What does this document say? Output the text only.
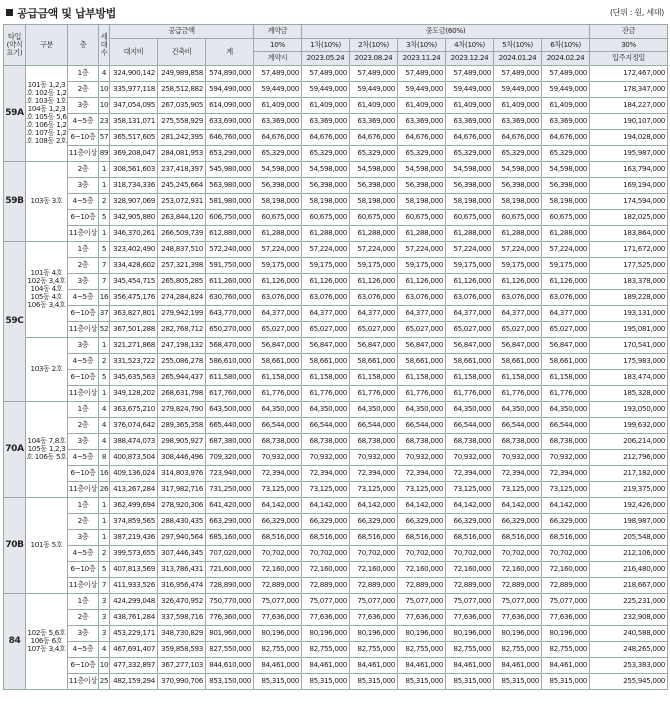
공급금액 및 납부방법	(단위 : 원, 세대)
타입(약식표기)	구분	층	세대수	공급금액			계약금	중도금(60%)						잔금
				대지비	건축비	계	10%	1차(10%)	2차(10%)	3차(10%)	4차(10%)	5차(10%)	6차(10%)	30%
							계약시	2023.05.24	2023.08.24	2023.11.24	2023.12.24	2024.01.24	2024.02.24	입주지정일
59A	101동 1,2,3호 102동 1,2호 103동 1호 104동 1,2,3호 105동 5,6호 106동 1,2호 107동 1,2호 108동 2호	1층	4	324,900,142	249,989,858	574,890,000	57,489,000	57,489,000	57,489,000	57,489,000	57,489,000	57,489,000	57,489,000	172,467,000
		2층	10	335,977,118	258,512,882	594,490,000	59,449,000	59,449,000	59,449,000	59,449,000	59,449,000	59,449,000	59,449,000	178,347,000
		3층	10	347,054,095	267,035,905	614,090,000	61,409,000	61,409,000	61,409,000	61,409,000	61,409,000	61,409,000	61,409,000	184,227,000
		4~5층	23	358,131,071	275,558,929	633,690,000	63,369,000	63,369,000	63,369,000	63,369,000	63,369,000	63,369,000	63,369,000	190,107,000
		6~10층	57	365,517,605	281,242,395	646,760,000	64,676,000	64,676,000	64,676,000	64,676,000	64,676,000	64,676,000	64,676,000	194,028,000
		11층이상	89	369,208,047	284,081,953	653,290,000	65,329,000	65,329,000	65,329,000	65,329,000	65,329,000	65,329,000	65,329,000	195,987,000
59B	103동 3호	2층	1	308,561,603	237,418,397	545,980,000	54,598,000	54,598,000	54,598,000	54,598,000	54,598,000	54,598,000	54,598,000	163,794,000
		3층	1	318,734,336	245,245,664	563,980,000	56,398,000	56,398,000	56,398,000	56,398,000	56,398,000	56,398,000	56,398,000	169,194,000
		4~5층	2	328,907,069	253,072,931	581,980,000	58,198,000	58,198,000	58,198,000	58,198,000	58,198,000	58,198,000	58,198,000	174,594,000
		6~10층	5	342,905,880	263,844,120	606,750,000	60,675,000	60,675,000	60,675,000	60,675,000	60,675,000	60,675,000	60,675,000	182,025,000
		11층이상	1	346,370,261	266,509,739	612,880,000	61,288,000	61,288,000	61,288,000	61,288,000	61,288,000	61,288,000	61,288,000	183,864,000
59C	101동 4호 102동 3,4호 104동 4호 105동 4호 106동 3,4호	1층	5	323,402,490	248,837,510	572,240,000	57,224,000	57,224,000	57,224,000	57,224,000	57,224,000	57,224,000	57,224,000	171,672,000
		2층	7	334,428,602	257,321,398	591,750,000	59,175,000	59,175,000	59,175,000	59,175,000	59,175,000	59,175,000	59,175,000	177,525,000
		3층	7	345,454,715	265,805,285	611,260,000	61,126,000	61,126,000	61,126,000	61,126,000	61,126,000	61,126,000	61,126,000	183,378,000
		4~5층	16	356,475,176	274,284,824	630,760,000	63,076,000	63,076,000	63,076,000	63,076,000	63,076,000	63,076,000	63,076,000	189,228,000
		6~10층	37	363,827,801	279,942,199	643,770,000	64,377,000	64,377,000	64,377,000	64,377,000	64,377,000	64,377,000	64,377,000	193,131,000
		11층이상	52	367,501,288	282,768,712	650,270,000	65,027,000	65,027,000	65,027,000	65,027,000	65,027,000	65,027,000	65,027,000	195,081,000
	103동 2호	3층	1	321,271,868	247,198,132	568,470,000	56,847,000	56,847,000	56,847,000	56,847,000	56,847,000	56,847,000	56,847,000	170,541,000
		4~5층	2	331,523,722	255,086,278	586,610,000	58,661,000	58,661,000	58,661,000	58,661,000	58,661,000	58,661,000	58,661,000	175,983,000
		6~10층	5	345,635,563	265,944,437	611,580,000	61,158,000	61,158,000	61,158,000	61,158,000	61,158,000	61,158,000	61,158,000	183,474,000
		11층이상	1	349,128,202	268,631,798	617,760,000	61,776,000	61,776,000	61,776,000	61,776,000	61,776,000	61,776,000	61,776,000	185,328,000
70A	104동 7,8호 105동 1,2,3호 106동 5호	1층	4	363,675,210	279,824,790	643,500,000	64,350,000	64,350,000	64,350,000	64,350,000	64,350,000	64,350,000	64,350,000	193,050,000
		2층	4	376,074,642	289,365,358	665,440,000	66,544,000	66,544,000	66,544,000	66,544,000	66,544,000	66,544,000	66,544,000	199,632,000
		3층	4	388,474,073	298,905,927	687,380,000	68,738,000	68,738,000	68,738,000	68,738,000	68,738,000	68,738,000	68,738,000	206,214,000
		4~5층	8	400,873,504	308,446,496	709,320,000	70,932,000	70,932,000	70,932,000	70,932,000	70,932,000	70,932,000	70,932,000	212,796,000
		6~10층	16	409,136,024	314,803,976	723,940,000	72,394,000	72,394,000	72,394,000	72,394,000	72,394,000	72,394,000	72,394,000	217,182,000
		11층이상	26	413,267,284	317,982,716	731,250,000	73,125,000	73,125,000	73,125,000	73,125,000	73,125,000	73,125,000	73,125,000	219,375,000
70B	101동 5호	1층	1	362,499,694	278,920,306	641,420,000	64,142,000	64,142,000	64,142,000	64,142,000	64,142,000	64,142,000	64,142,000	192,426,000
		2층	1	374,859,565	288,430,435	663,290,000	66,329,000	66,329,000	66,329,000	66,329,000	66,329,000	66,329,000	66,329,000	198,987,000
		3층	1	387,219,436	297,940,564	685,160,000	68,516,000	68,516,000	68,516,000	68,516,000	68,516,000	68,516,000	68,516,000	205,548,000
		4~5층	2	399,573,655	307,446,345	707,020,000	70,702,000	70,702,000	70,702,000	70,702,000	70,702,000	70,702,000	70,702,000	212,106,000
		6~10층	5	407,813,569	313,786,431	721,600,000	72,160,000	72,160,000	72,160,000	72,160,000	72,160,000	72,160,000	72,160,000	216,480,000
		11층이상	7	411,933,526	316,956,474	728,890,000	72,889,000	72,889,000	72,889,000	72,889,000	72,889,000	72,889,000	72,889,000	218,667,000
84	102동 5,6호 106동 6호 107동 3,4호	1층	3	424,299,048	326,470,952	750,770,000	75,077,000	75,077,000	75,077,000	75,077,000	75,077,000	75,077,000	75,077,000	225,231,000
		2층	3	438,761,284	337,598,716	776,360,000	77,636,000	77,636,000	77,636,000	77,636,000	77,636,000	77,636,000	77,636,000	232,908,000
		3층	3	453,229,171	348,730,829	801,960,000	80,196,000	80,196,000	80,196,000	80,196,000	80,196,000	80,196,000	80,196,000	240,588,000
		4~5층	4	467,691,407	359,858,593	827,550,000	82,755,000	82,755,000	82,755,000	82,755,000	82,755,000	82,755,000	82,755,000	248,265,000
		6~10층	10	477,332,897	367,277,103	844,610,000	84,461,000	84,461,000	84,461,000	84,461,000	84,461,000	84,461,000	84,461,000	253,383,000
		11층이상	25	482,159,294	370,990,706	853,150,000	85,315,000	85,315,000	85,315,000	85,315,000	85,315,000	85,315,000	85,315,000	255,945,000
